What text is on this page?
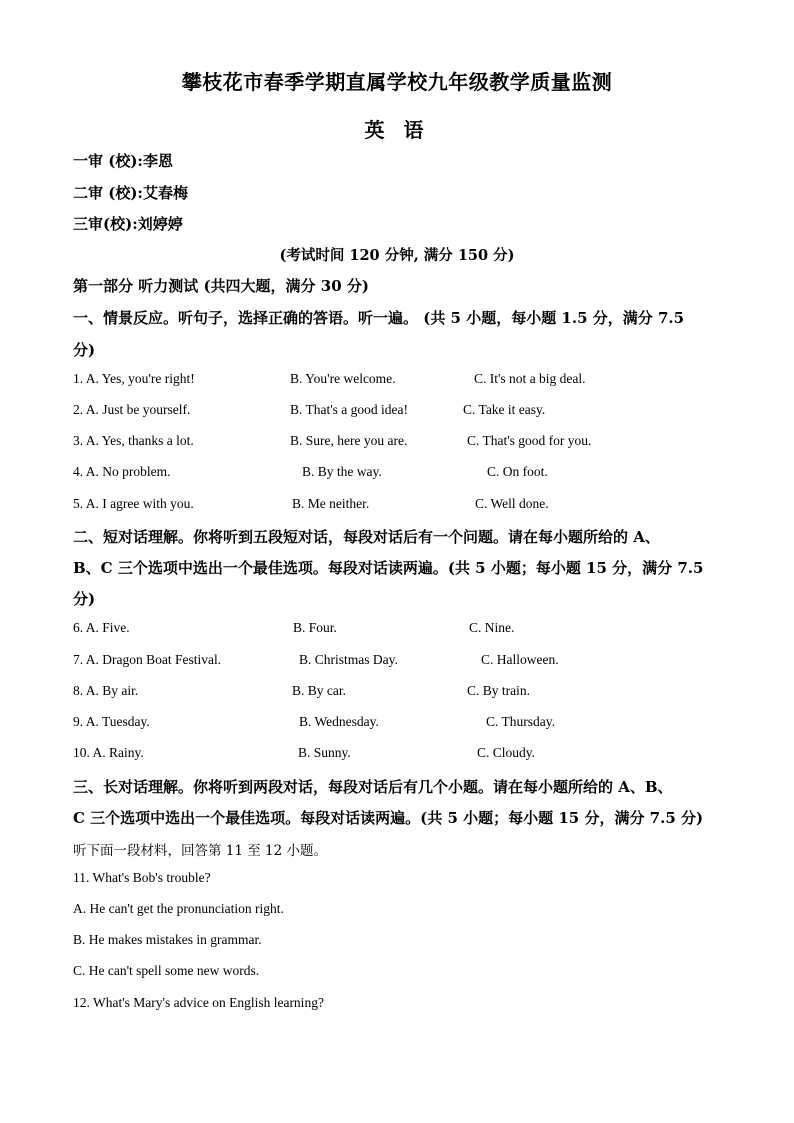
攀枝花市春季学期直属学校九年级教学质量监测
英 语
一审 (校):李恩
二审 (校):艾春梅
三审(校):刘婷婷
(考试时间 120 分钟, 满分 150 分)
第一部分 听力测试 (共四大题，满分 30 分)
一、情景反应。听句子，选择正确的答语。听一遍。 (共 5 小题，每小题 1.5 分，满分 7.5
分)
1. A. Yes, you're right!	B. You're welcome.	C. It's not a big deal.
2. A. Just be yourself.	B. That's a good idea!	C. Take it easy.
3. A. Yes, thanks a lot.	B. Sure, here you are.	C. That's good for you.
4. A. No problem.	B. By the way.	C. On foot.
5. A. I agree with you.	B. Me neither.	C. Well done.
二、短对话理解。你将听到五段短对话，每段对话后有一个问题。请在每小题所给的 A、
B、C 三个选项中选出一个最佳选项。每段对话读两遍。(共 5 小题；每小题 15 分，满分 7.5
分)
6. A. Five.	B. Four.	C. Nine.
7. A. Dragon Boat Festival.	B. Christmas Day.	C. Halloween.
8. A. By air.	B. By car.	C. By train.
9. A. Tuesday.	B. Wednesday.	C. Thursday.
10. A. Rainy.	B. Sunny.	C. Cloudy.
三、长对话理解。你将听到两段对话，每段对话后有几个小题。请在每小题所给的 A、B、
C 三个选项中选出一个最佳选项。每段对话读两遍。(共 5 小题；每小题 15 分，满分 7.5 分)
听下面一段材料，回答第 11 至 12 小题。
11. What's Bob's trouble?
A. He can't get the pronunciation right.
B. He makes mistakes in grammar.
C. He can't spell some new words.
12. What's Mary's advice on English learning?
